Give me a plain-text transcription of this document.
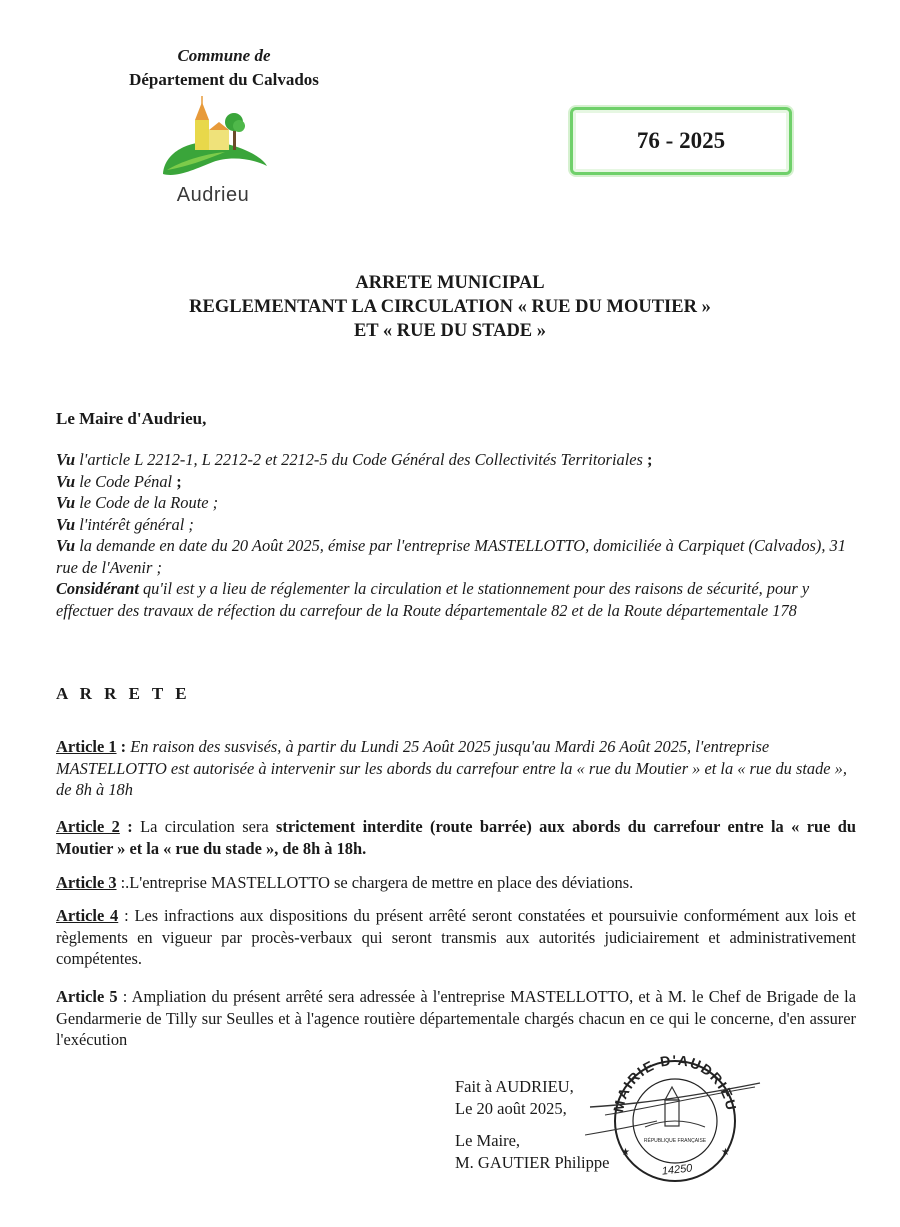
Commune de
Département du Calvados
Audrieu
76 - 2025
ARRETE MUNICIPAL
REGLEMENTANT LA CIRCULATION « RUE DU MOUTIER »
ET « RUE DU STADE »
Le Maire d'Audrieu,
Vu l'article L 2212-1, L 2212-2 et 2212-5 du Code Général des Collectivités Territoriales ;
Vu le Code Pénal ;
Vu le Code de la Route ;
Vu l'intérêt général ;
Vu la demande en date du 20 Août 2025, émise par l'entreprise MASTELLOTTO, domiciliée à Carpiquet (Calvados), 31 rue de l'Avenir ;
Considérant qu'il est y a lieu de réglementer la circulation et le stationnement pour des raisons de sécurité, pour y effectuer des travaux de réfection du carrefour de la Route départementale 82 et de la Route départementale 178
A R R E T E
Article 1 : En raison des susvisés, à partir du Lundi 25 Août 2025 jusqu'au Mardi 26 Août 2025, l'entreprise MASTELLOTTO est autorisée à intervenir sur les abords du carrefour entre la « rue du Moutier » et la « rue du stade », de 8h à 18h
Article 2 : La circulation sera strictement interdite (route barrée) aux abords du carrefour entre la « rue du Moutier » et la « rue du stade », de 8h à 18h.
Article 3 :.L'entreprise MASTELLOTTO se chargera de mettre en place des déviations.
Article 4 : Les infractions aux dispositions du présent arrêté seront constatées et poursuivie conformément aux lois et règlements en vigueur par procès-verbaux qui seront transmis aux autorités judiciairement et administrativement compétentes.
Article 5 : Ampliation du présent arrêté sera adressée à l'entreprise MASTELLOTTO, et à M. le Chef de Brigade de la Gendarmerie de Tilly sur Seulles et à l'agence routière départementale chargés chacun en ce qui le concerne, d'en assurer l'exécution
Fait à AUDRIEU,
Le 20 août 2025,
Le Maire,
M. GAUTIER Philippe
MAIRIE D'AUDRIEU
RÉPUBLIQUE FRANÇAISE
14250
★	★
